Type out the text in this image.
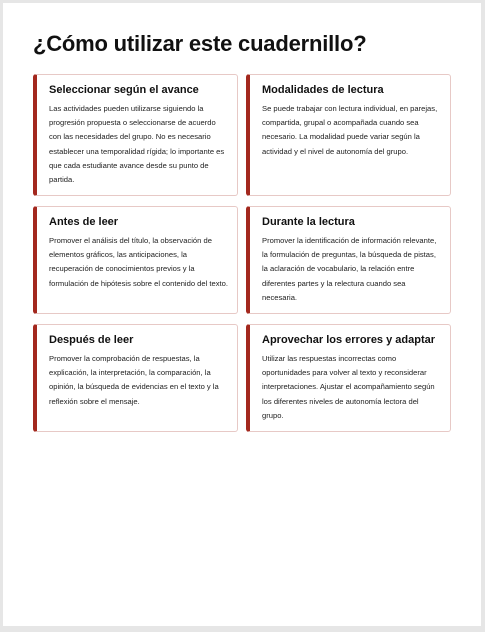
¿Cómo utilizar este cuadernillo?
Seleccionar según el avance

Las actividades pueden utilizarse siguiendo la progresión propuesta o seleccionarse de acuerdo con las necesidades del grupo. No es necesario establecer una temporalidad rígida; lo importante es que cada estudiante avance desde su punto de partida.

Modalidades de lectura

Se puede trabajar con lectura individual, en parejas, compartida, grupal o acompañada cuando sea necesario. La modalidad puede variar según la actividad y el nivel de autonomía del grupo.

Antes de leer

Promover el análisis del título, la observación de elementos gráficos, las anticipaciones, la recuperación de conocimientos previos y la formulación de hipótesis sobre el contenido del texto.

Durante la lectura

Promover la identificación de información relevante, la formulación de preguntas, la búsqueda de pistas, la aclaración de vocabulario, la relación entre diferentes partes y la relectura cuando sea necesaria.

Después de leer

Promover la comprobación de respuestas, la explicación, la interpretación, la comparación, la opinión, la búsqueda de evidencias en el texto y la reflexión sobre el mensaje.

Aprovechar los errores y adaptar

Utilizar las respuestas incorrectas como oportunidades para volver al texto y reconsiderar interpretaciones. Ajustar el acompañamiento según los diferentes niveles de autonomía lectora del grupo.
